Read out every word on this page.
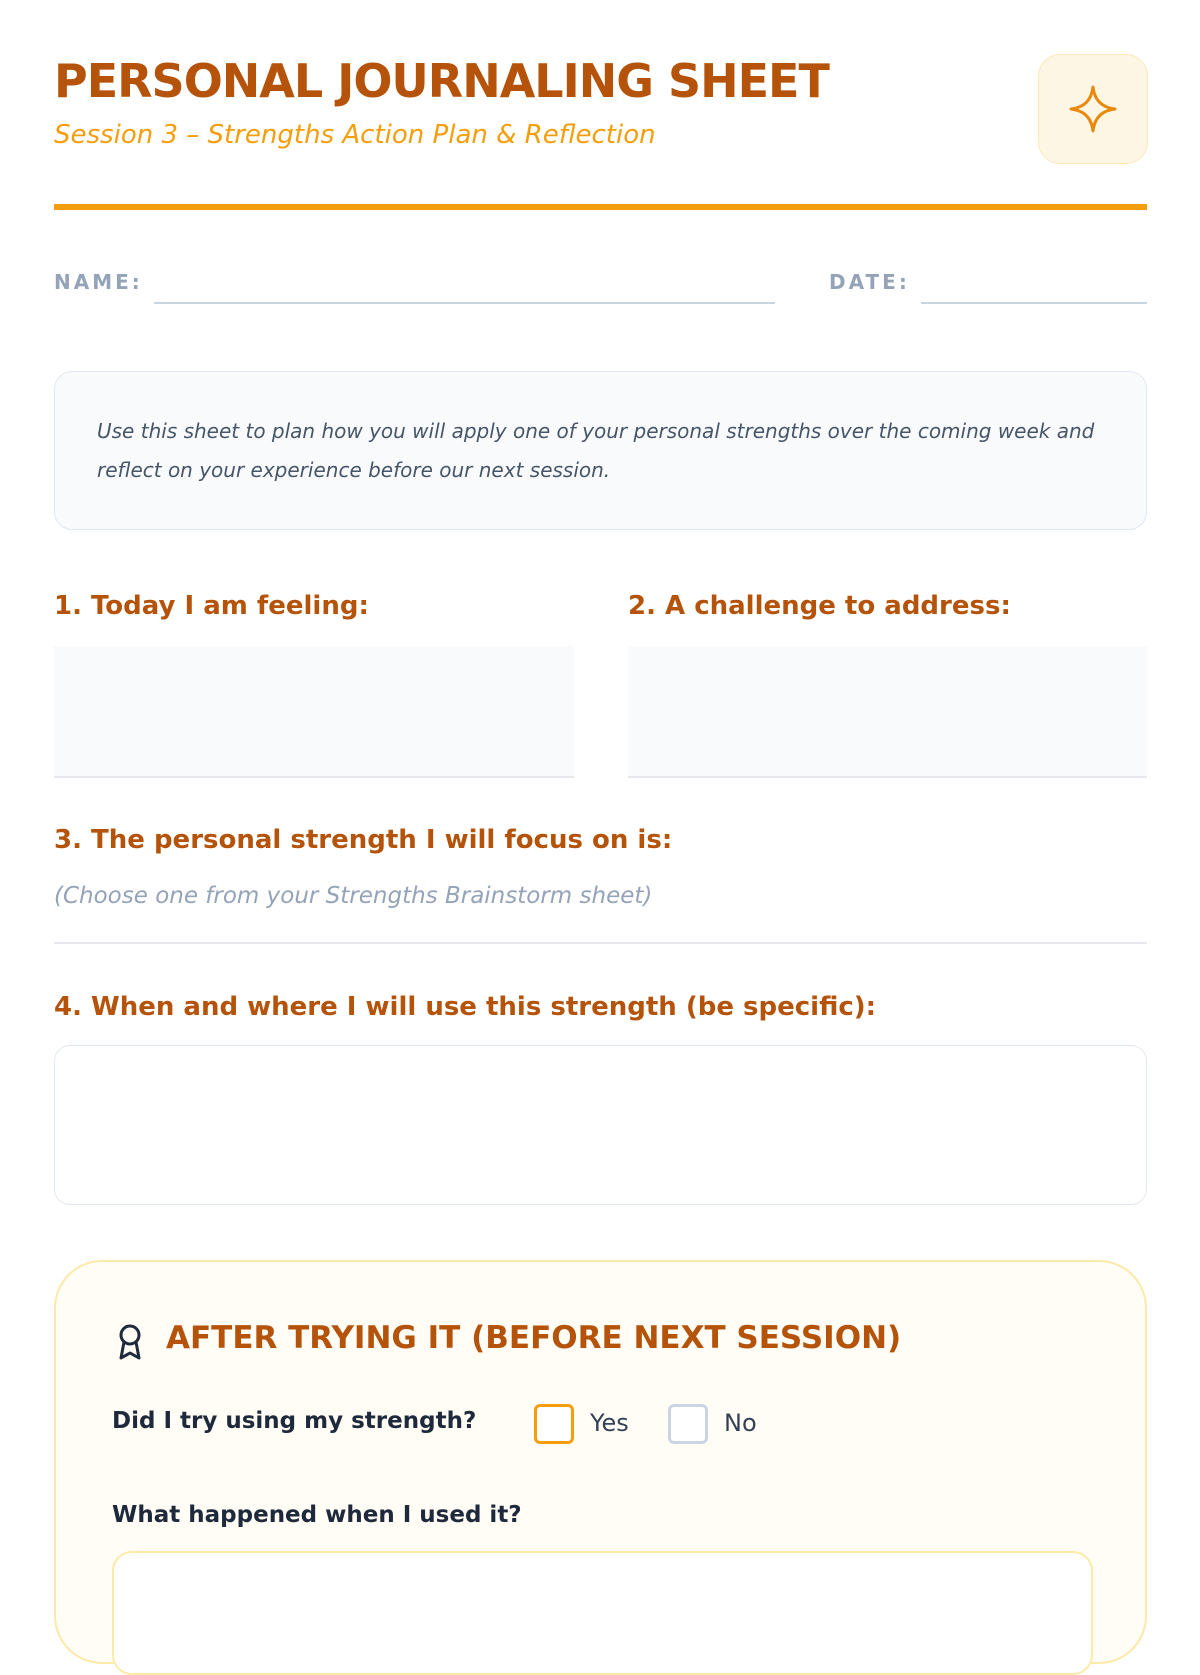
PERSONAL JOURNALING SHEET
Session 3 – Strengths Action Plan & Reflection
NAME:	DATE:
Use this sheet to plan how you will apply one of your personal strengths over the coming week and reflect on your experience before our next session.
1. Today I am feeling:	2. A challenge to address:
3. The personal strength I will focus on is:
(Choose one from your Strengths Brainstorm sheet)
4. When and where I will use this strength (be specific):
AFTER TRYING IT (BEFORE NEXT SESSION)
Did I try using my strength?	Yes	No
What happened when I used it?
